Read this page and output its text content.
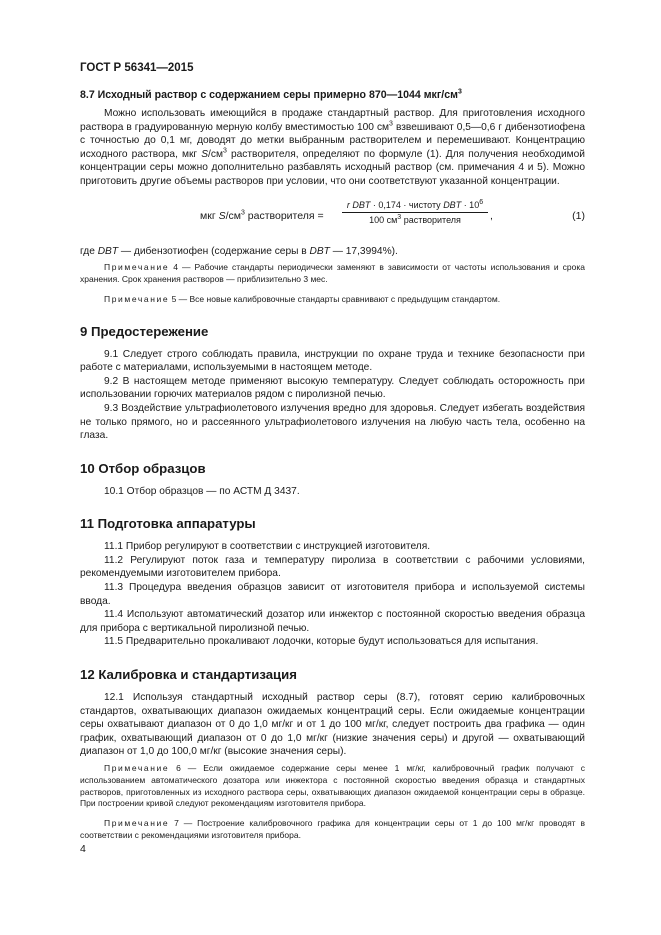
ГОСТ Р 56341—2015
8.7 Исходный раствор с содержанием серы примерно 870—1044 мкг/$см^3$

Можно использовать имеющийся в продаже стандартный раствор. Для приготовления исходного раствора в градуированную мерную колбу вместимостью 100 $см^3$ взвешивают 0,5—0,6 г дибензотиофена с точностью до 0,1 мг, доводят до метки выбранным растворителем и перемешивают. Концентрацию исходного раствора, мкг $S/см^3$ растворителя, определяют по формуле (1). Для получения необходимой концентрации серы можно дополнительно разбавлять исходный раствор (см. примечания 4 и 5). Можно приготовить другие объемы растворов при условии, что они соответствуют указанной концентрации.

мкг $S/см^3$ растворителя =
r DBT · 0,174 · чистоту DBT · $10^6$
100 $см^3$ растворителя	,	(1)

где DBT — дибензотиофен (содержание серы в DBT — 17,3994%).

Примечание 4 — Рабочие стандарты периодически заменяют в зависимости от частоты использования и срока хранения. Срок хранения растворов — приблизительно 3 мес.
Примечание 5 — Все новые калибровочные стандарты сравнивают с предыдущим стандартом.
9 Предостережение

9.1 Следует строго соблюдать правила, инструкции по охране труда и технике безопасности при работе с материалами, используемыми в настоящем методе.

9.2 В настоящем методе применяют высокую температуру. Следует соблюдать осторожность при использовании горючих материалов рядом с пиролизной печью.

9.3 Воздействие ультрафиолетового излучения вредно для здоровья. Следует избегать воздействия не только прямого, но и рассеянного ультрафиолетового излучения на любую часть тела, особенно на глаза.

10 Отбор образцов

10.1 Отбор образцов — по АСТМ Д 3437.

11 Подготовка аппаратуры

11.1 Прибор регулируют в соответствии с инструкцией изготовителя.

11.2 Регулируют поток газа и температуру пиролиза в соответствии с рабочими условиями, рекомендуемыми изготовителем прибора.

11.3 Процедура введения образцов зависит от изготовителя прибора и используемой системы ввода.

11.4 Используют автоматический дозатор или инжектор с постоянной скоростью введения образца для прибора с вертикальной пиролизной печью.

11.5 Предварительно прокаливают лодочки, которые будут использоваться для испытания.

12 Калибровка и стандартизация

12.1 Используя стандартный исходный раствор серы (8.7), готовят серию калибровочных стандартов, охватывающих диапазон ожидаемых концентраций серы. Если ожидаемые концентрации серы охватывают диапазон от 0 до 1,0 мг/кг и от 1 до 100 мг/кг, следует построить два графика — один график, охватывающий диапазон от 0 до 1,0 мг/кг (низкие значения серы) и другой — охватывающий диапазон от 1,0 до 100,0 мг/кг (высокие значения серы).

Примечание 6 — Если ожидаемое содержание серы менее 1 мг/кг, калибровочный график получают с использованием автоматического дозатора или инжектора с постоянной скоростью введения образца и стандартных растворов, приготовленных из исходного раствора серы, охватывающих диапазон ожидаемой концентрации серы в образце. При построении кривой следуют рекомендациям изготовителя прибора.
Примечание 7 — Построение калибровочного графика для концентрации серы от 1 до 100 мг/кг проводят в соответствии с рекомендациями изготовителя прибора.
4
